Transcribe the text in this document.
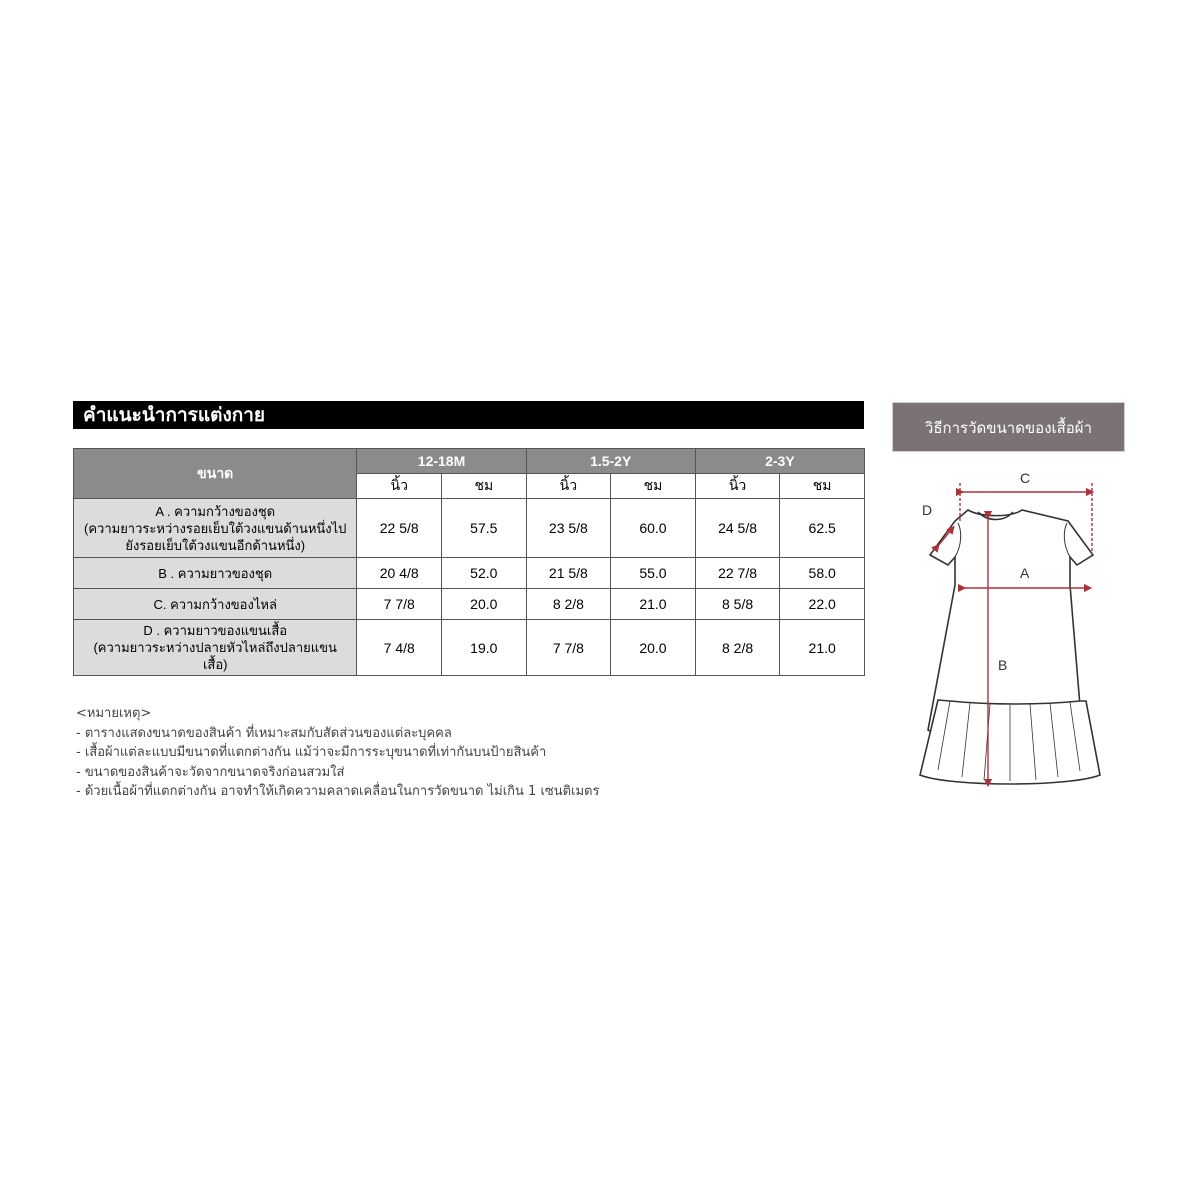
คำแนะนำการแต่งกาย
ขนาด	12-18M		1.5-2Y		2-3Y	
	นิ้ว	ชม	นิ้ว	ชม	นิ้ว	ชม

A . ความกว้างของชุด
(ความยาวระหว่างรอยเย็บใต้วงแขนด้านหนึ่งไป
ยังรอยเย็บใต้วงแขนอีกด้านหนึ่ง)	22 5/8	57.5	23 5/8	60.0	24 5/8	62.5

B . ความยาวของชุด	20 4/8	52.0	21 5/8	55.0	22 7/8	58.0

C. ความกว้างของไหล่	7 7/8	20.0	8 2/8	21.0	8 5/8	22.0

D . ความยาวของแขนเสื้อ
(ความยาวระหว่างปลายหัวไหล่ถึงปลายแขน
เสื้อ)	7 4/8	19.0	7 7/8	20.0	8 2/8	21.0
<หมายเหตุ>
- ตารางแสดงขนาดของสินค้า ที่เหมาะสมกับสัดส่วนของแต่ละบุคคล
- เสื้อผ้าแต่ละแบบมีขนาดที่แตกต่างกัน แม้ว่าจะมีการระบุขนาดที่เท่ากันบนป้ายสินค้า
- ขนาดของสินค้าจะวัดจากขนาดจริงก่อนสวมใส่
- ด้วยเนื้อผ้าที่แตกต่างกัน อาจทำให้เกิดความคลาดเคลื่อนในการวัดขนาด ไม่เกิน 1 เซนติเมตร
วิธีการวัดขนาดของเสื้อผ้า
C
A
B
D
